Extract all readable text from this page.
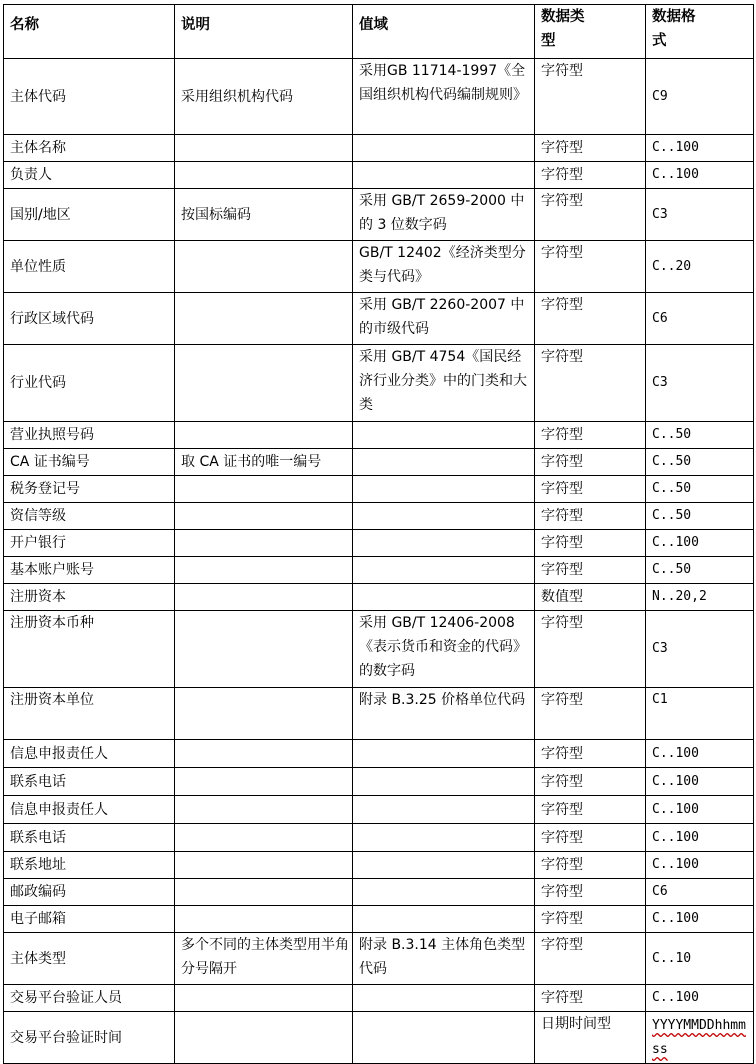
名称	说明	值域	数据类型	数据格式
主体代码	采用组织机构代码	采用GB 11714-1997《全国组织机构代码编制规则》	字符型	C9
主体名称			字符型	C..100
负责人			字符型	C..100
国别/地区	按国标编码	采用 GB/T 2659-2000 中的 3 位数字码	字符型	C3
单位性质		GB/T 12402《经济类型分类与代码》	字符型	C..20
行政区域代码		采用 GB/T 2260-2007 中的市级代码	字符型	C6
行业代码		采用 GB/T 4754《国民经济行业分类》中的门类和大类	字符型	C3
营业执照号码			字符型	C..50
CA 证书编号	取 CA 证书的唯一编号		字符型	C..50
税务登记号			字符型	C..50
资信等级			字符型	C..50
开户银行			字符型	C..100
基本账户账号			字符型	C..50
注册资本			数值型	N..20,2
注册资本币种		采用 GB/T 12406-2008《表示货币和资金的代码》的数字码	字符型	C3
注册资本单位		附录 B.3.25 价格单位代码	字符型	C1
信息申报责任人			字符型	C..100
联系电话			字符型	C..100
信息申报责任人			字符型	C..100
联系电话			字符型	C..100
联系地址			字符型	C..100
邮政编码			字符型	C6
电子邮箱			字符型	C..100
主体类型	多个不同的主体类型用半角分号隔开	附录 B.3.14 主体角色类型代码	字符型	C..10
交易平台验证人员			字符型	C..100
交易平台验证时间			日期时间型	YYYYMMDDhhmmss
